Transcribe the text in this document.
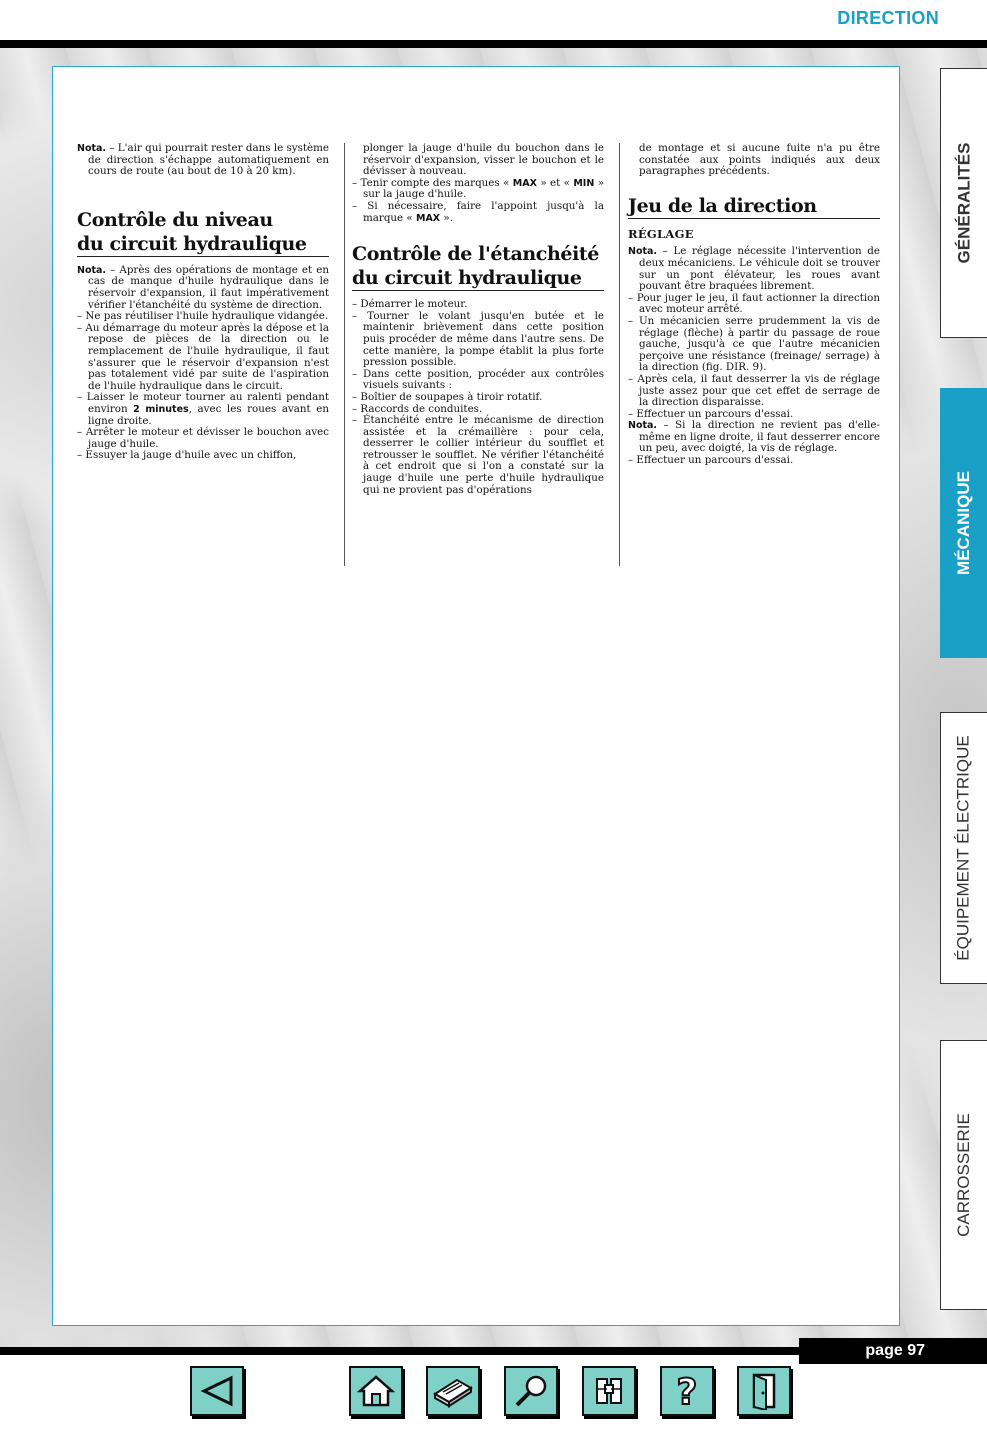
DIRECTION

Nota. – L'air qui pourrait rester dans le système de direction s'échappe automatiquement en cours de route (au bout de 10 à 20 km).

Contrôle du niveau
du circuit hydraulique

Nota. – Après des opérations de montage et en cas de manque d'huile hydraulique dans le réservoir d'expansion, il faut impérativement vérifier l'étanchéité du système de direction.

– Ne pas réutiliser l'huile hydraulique vidangée.

– Au démarrage du moteur après la dépose et la repose de pièces de la direction ou le remplacement de l'huile hydraulique, il faut s'assurer que le réservoir d'expansion n'est pas totalement vidé par suite de l'aspiration de l'huile hydraulique dans le circuit.

– Laisser le moteur tourner au ralenti pendant environ 2 minutes, avec les roues avant en ligne droite.

– Arrêter le moteur et dévisser le bouchon avec jauge d'huile.

– Essuyer la jauge d'huile avec un chiffon,

plonger la jauge d'huile du bouchon dans le réservoir d'expansion, visser le bouchon et le dévisser à nouveau.

– Tenir compte des marques « MAX » et « MIN » sur la jauge d'huile.

– Si nécessaire, faire l'appoint jusqu'à la marque « MAX ».

Contrôle de l'étanchéité
du circuit hydraulique

– Démarrer le moteur.

– Tourner le volant jusqu'en butée et le maintenir brièvement dans cette position puis procéder de même dans l'autre sens. De cette manière, la pompe établit la plus forte pression possible.

– Dans cette position, procéder aux contrôles visuels suivants :

– Boîtier de soupapes à tiroir rotatif.

– Raccords de conduites.

– Étanchéité entre le mécanisme de direction assistée et la crémaillère : pour cela, desserrer le collier intérieur du soufflet et retrousser le soufflet. Ne vérifier l'étanchéité à cet endroit que si l'on a constaté sur la jauge d'huile une perte d'huile hydraulique qui ne provient pas d'opérations

de montage et si aucune fuite n'a pu être constatée aux points indiqués aux deux paragraphes précédents.

Jeu de la direction
RÉGLAGE

Nota. – Le réglage nécessite l'intervention de deux mécaniciens. Le véhicule doit se trouver sur un pont élévateur, les roues avant pouvant être braquées librement.

– Pour juger le jeu, il faut actionner la direction avec moteur arrêté.

– Un mécanicien serre prudemment la vis de réglage (flèche) à partir du passage de roue gauche, jusqu'à ce que l'autre mécanicien perçoive une résistance (freinage/ serrage) à la direction (fig. DIR. 9).

– Après cela, il faut desserrer la vis de réglage juste assez pour que cet effet de serrage de la direction disparaisse.

– Effectuer un parcours d'essai.

Nota. – Si la direction ne revient pas d'elle-même en ligne droite, il faut desserrer encore un peu, avec doigté, la vis de réglage.

– Effectuer un parcours d'essai.

GÉNÉRALITÉS
MÉCANIQUE
ÉQUIPEMENT ÉLECTRIQUE
CARROSSERIE
page 97
?
